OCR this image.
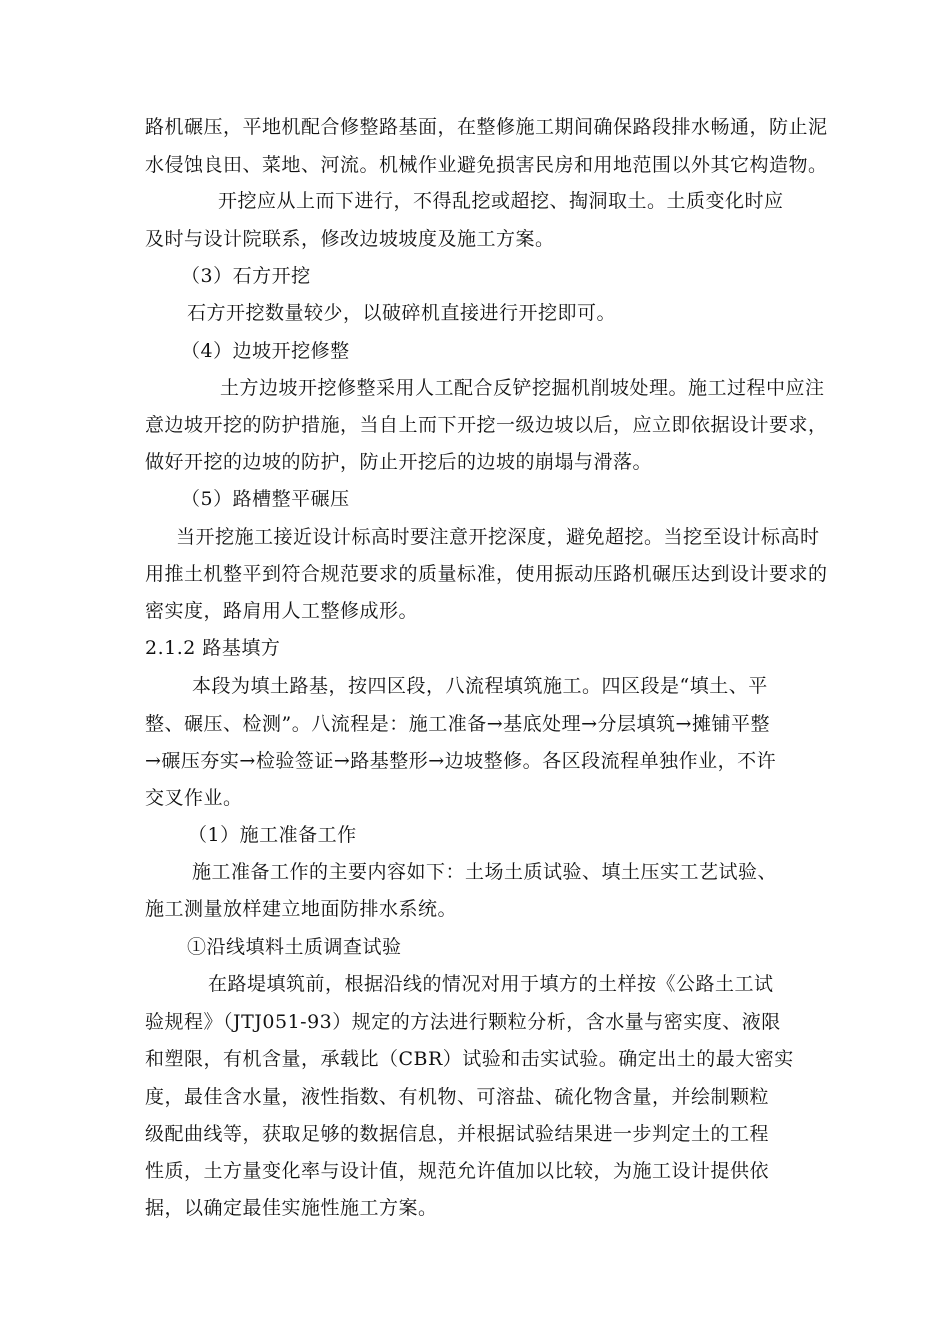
路机碾压，平地机配合修整路基面，在整修施工期间确保路段排水畅通，防止泥
水侵蚀良田、菜地、河流。机械作业避免损害民房和用地范围以外其它构造物。
开挖应从上而下进行，不得乱挖或超挖、掏洞取土。土质变化时应
及时与设计院联系，修改边坡坡度及施工方案。
（3）石方开挖
石方开挖数量较少，以破碎机直接进行开挖即可。
（4）边坡开挖修整
土方边坡开挖修整采用人工配合反铲挖掘机削坡处理。施工过程中应注
意边坡开挖的防护措施，当自上而下开挖一级边坡以后，应立即依据设计要求，
做好开挖的边坡的防护，防止开挖后的边坡的崩塌与滑落。
（5）路槽整平碾压
当开挖施工接近设计标高时要注意开挖深度，避免超挖。当挖至设计标高时
用推土机整平到符合规范要求的质量标准，使用振动压路机碾压达到设计要求的
密实度，路肩用人工整修成形。
2.1.2 路基填方
本段为填土路基，按四区段，八流程填筑施工。四区段是“填土、平
整、碾压、检测”。八流程是：施工准备→基底处理→分层填筑→摊铺平整
→碾压夯实→检验签证→路基整形→边坡整修。各区段流程单独作业，不许
交叉作业。
（1）施工准备工作
施工准备工作的主要内容如下：土场土质试验、填土压实工艺试验、
施工测量放样建立地面防排水系统。
①沿线填料土质调查试验
在路堤填筑前，根据沿线的情况对用于填方的土样按《公路土工试
验规程》（JTJ051-93）规定的方法进行颗粒分析，含水量与密实度、液限
和塑限，有机含量，承载比（CBR）试验和击实试验。确定出土的最大密实
度，最佳含水量，液性指数、有机物、可溶盐、硫化物含量，并绘制颗粒
级配曲线等，获取足够的数据信息，并根据试验结果进一步判定土的工程
性质，土方量变化率与设计值，规范允许值加以比较，为施工设计提供依
据，以确定最佳实施性施工方案。
